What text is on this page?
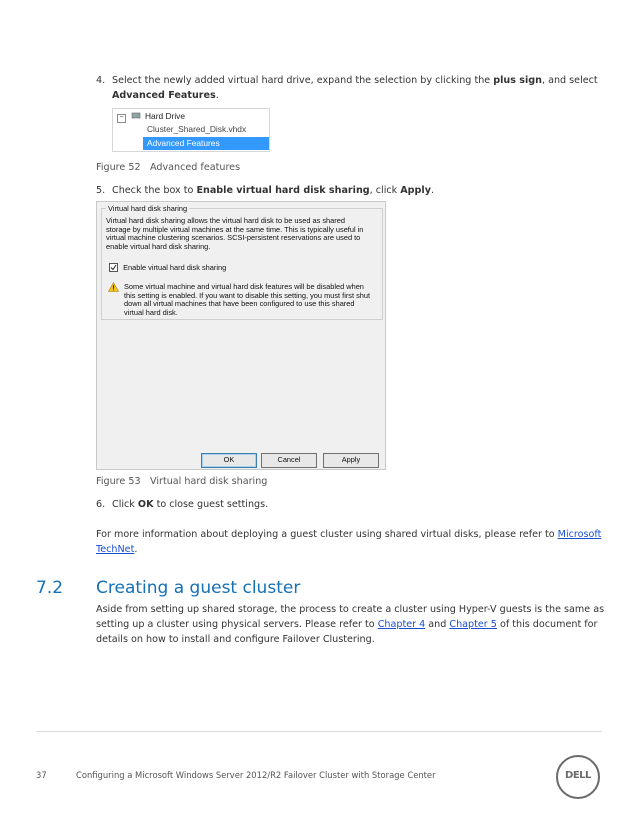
4. Select the newly added virtual hard drive, expand the selection by clicking the plus sign, and select
Advanced Features.
−	Hard Drive
Cluster_Shared_Disk.vhdx
Advanced Features
Figure 52 Advanced features
5. Check the box to Enable virtual hard disk sharing, click Apply.
Virtual hard disk sharing
Virtual hard disk sharing allows the virtual hard disk to be used as shared storage by multiple virtual machines at the same time. This is typically useful in virtual machine clustering scenarios. SCSI-persistent reservations are used to enable virtual hard disk sharing.
Enable virtual hard disk sharing
Some virtual machine and virtual hard disk features will be disabled when this setting is enabled. If you want to disable this setting, you must first shut down all virtual machines that have been configured to use this shared virtual hard disk.
OK	Cancel	Apply
Figure 53 Virtual hard disk sharing
6. Click OK to close guest settings.
For more information about deploying a guest cluster using shared virtual disks, please refer to Microsoft
TechNet.
7.2 Creating a guest cluster
Aside from setting up shared storage, the process to create a cluster using Hyper-V guests is the same as
setting up a cluster using physical servers. Please refer to Chapter 4 and Chapter 5 of this document for
details on how to install and configure Failover Clustering.
37	Configuring a Microsoft Windows Server 2012/R2 Failover Cluster with Storage Center	DELL
